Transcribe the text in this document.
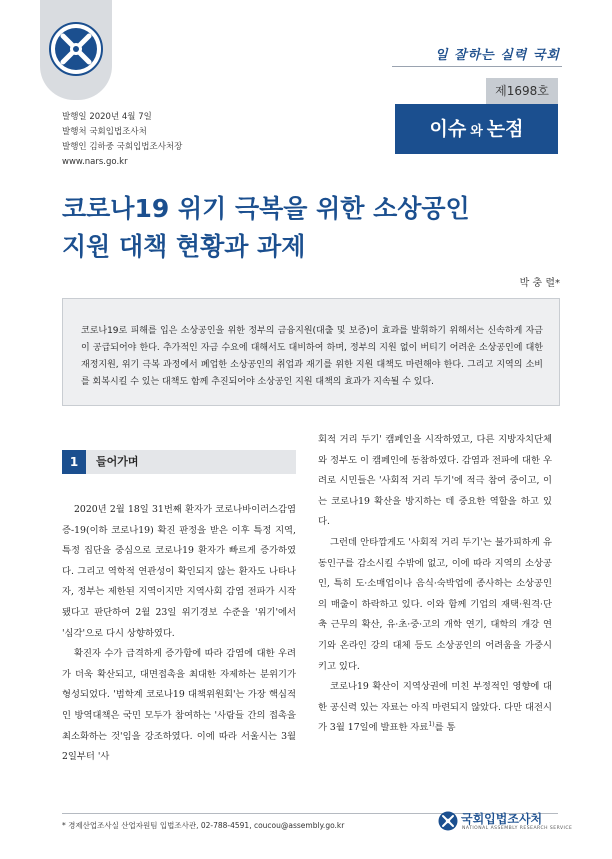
일 잘하는 실력 국회
제1698호
이슈 와 논점
발행일 2020년 4월 7일
발행처 국회입법조사처
발행인 김하중 국회입법조사처장
www.nars.go.kr
코로나19 위기 극복을 위한 소상공인
지원 대책 현황과 과제
박 충 렬*

코로나19로 피해를 입은 소상공인을 위한 정부의 금융지원(대출 및 보증)이 효과를 발휘하기 위해서는 신속하게 자금이 공급되어야 한다. 추가적인 자금 수요에 대해서도 대비하여 하며, 정부의 지원 없이 버티기 어려운 소상공인에 대한 재정지원, 위기 극복 과정에서 폐업한 소상공인의 취업과 재기를 위한 지원 대책도 마련해야 한다. 그리고 지역의 소비를 회복시킬 수 있는 대책도 함께 추진되어야 소상공인 지원 대책의 효과가 지속될 수 있다.

1	들어가며

2020년 2월 18일 31번째 환자가 코로나바이러스감염증-19(이하 코로나19) 확진 판정을 받은 이후 특정 지역, 특정 집단을 중심으로 코로나19 환자가 빠르게 증가하였다. 그리고 역학적 연관성이 확인되지 않는 환자도 나타나자, 정부는 제한된 지역이지만 지역사회 감염 전파가 시작됐다고 판단하여 2월 23일 위기경보 수준을 '위기'에서 '심각'으로 다시 상향하였다.

확진자 수가 급격하게 증가함에 따라 감염에 대한 우려가 더욱 확산되고, 대면접촉을 최대한 자제하는 분위기가 형성되었다. '범학계 코로나19 대책위원회'는 가장 핵심적인 방역대책은 국민 모두가 참여하는 '사람들 간의 접촉을 최소화하는 것'임을 강조하였다. 이에 따라 서울시는 3월 2일부터 '사

회적 거리 두기' 캠페인을 시작하였고, 다른 지방자치단체와 정부도 이 캠페인에 동참하였다. 감염과 전파에 대한 우려로 시민들은 '사회적 거리 두기'에 적극 참여 중이고, 이는 코로나19 확산을 방지하는 데 중요한 역할을 하고 있다.

그런데 안타깝게도 '사회적 거리 두기'는 불가피하게 유동인구를 감소시킬 수밖에 없고, 이에 따라 지역의 소상공인, 특히 도·소매업이나 음식·숙박업에 종사하는 소상공인의 매출이 하락하고 있다. 이와 함께 기업의 재택·원격·단축 근무의 확산, 유·초·중·고의 개학 연기, 대학의 개강 연기와 온라인 강의 대체 등도 소상공인의 어려움을 가중시키고 있다.

코로나19 확산이 지역상권에 미친 부정적인 영향에 대한 공신력 있는 자료는 아직 마련되지 않았다. 다만 대전시가 3월 17일에 발표한 자료$^{1)}$를 통

* 경제산업조사실 산업자원팀 입법조사관, 02-788-4591, coucou@assembly.go.kr	국회입법조사처
NATIONAL ASSEMBLY RESEARCH SERVICE
